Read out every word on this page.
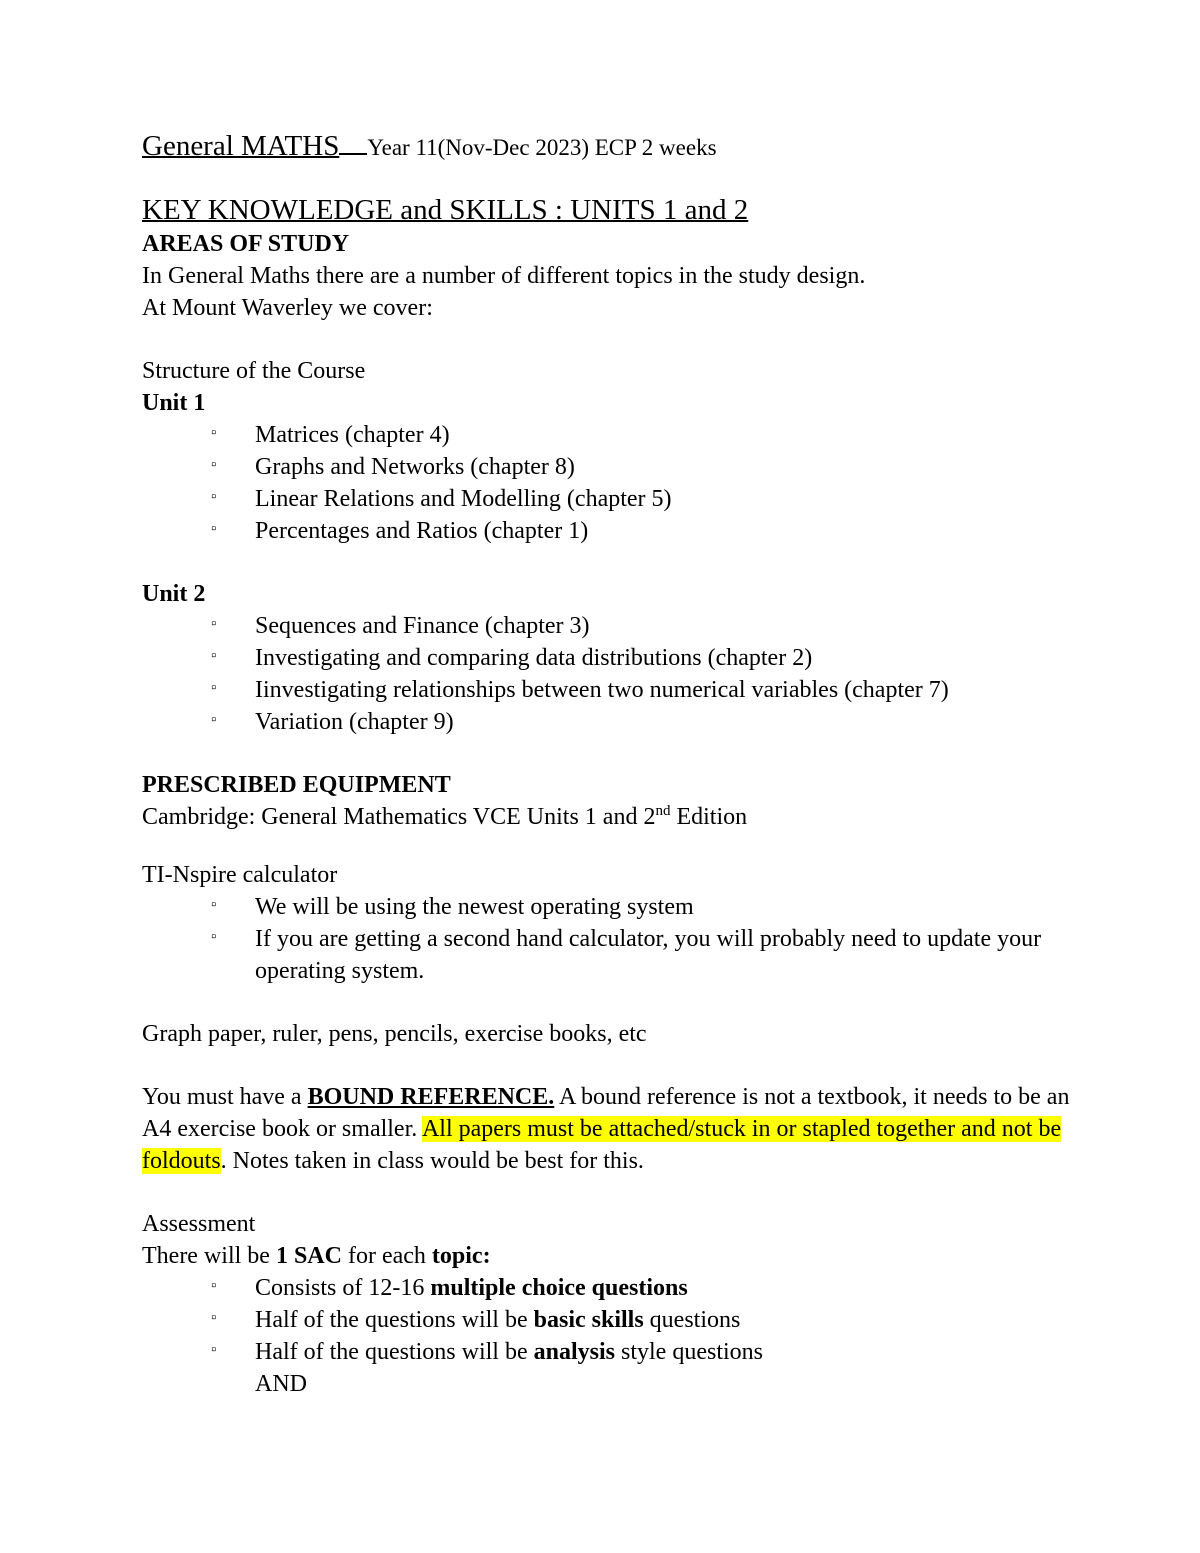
General MATHS Year 11(Nov-Dec 2023) ECP 2 weeks
KEY KNOWLEDGE and SKILLS : UNITS 1 and 2
AREAS OF STUDY
In General Maths there are a number of different topics in the study design.
At Mount Waverley we cover:
Structure of the Course
Unit 1
▫ Matrices (chapter 4)
▫ Graphs and Networks (chapter 8)
▫ Linear Relations and Modelling (chapter 5)
▫ Percentages and Ratios (chapter 1)
Unit 2
▫ Sequences and Finance (chapter 3)
▫ Investigating and comparing data distributions (chapter 2)
▫ Iinvestigating relationships between two numerical variables (chapter 7)
▫ Variation (chapter 9)
PRESCRIBED EQUIPMENT
Cambridge: General Mathematics VCE Units 1 and 2nd Edition
TI-Nspire calculator
▫ We will be using the newest operating system
▫ If you are getting a second hand calculator, you will probably need to update your operating system.
Graph paper, ruler, pens, pencils, exercise books, etc
You must have a BOUND REFERENCE. A bound reference is not a textbook, it needs to be an A4 exercise book or smaller. All papers must be attached/stuck in or stapled together and not be foldouts. Notes taken in class would be best for this.
Assessment
There will be 1 SAC for each topic:
▫ Consists of 12-16 multiple choice questions
▫ Half of the questions will be basic skills questions
▫ Half of the questions will be analysis style questions
AND
